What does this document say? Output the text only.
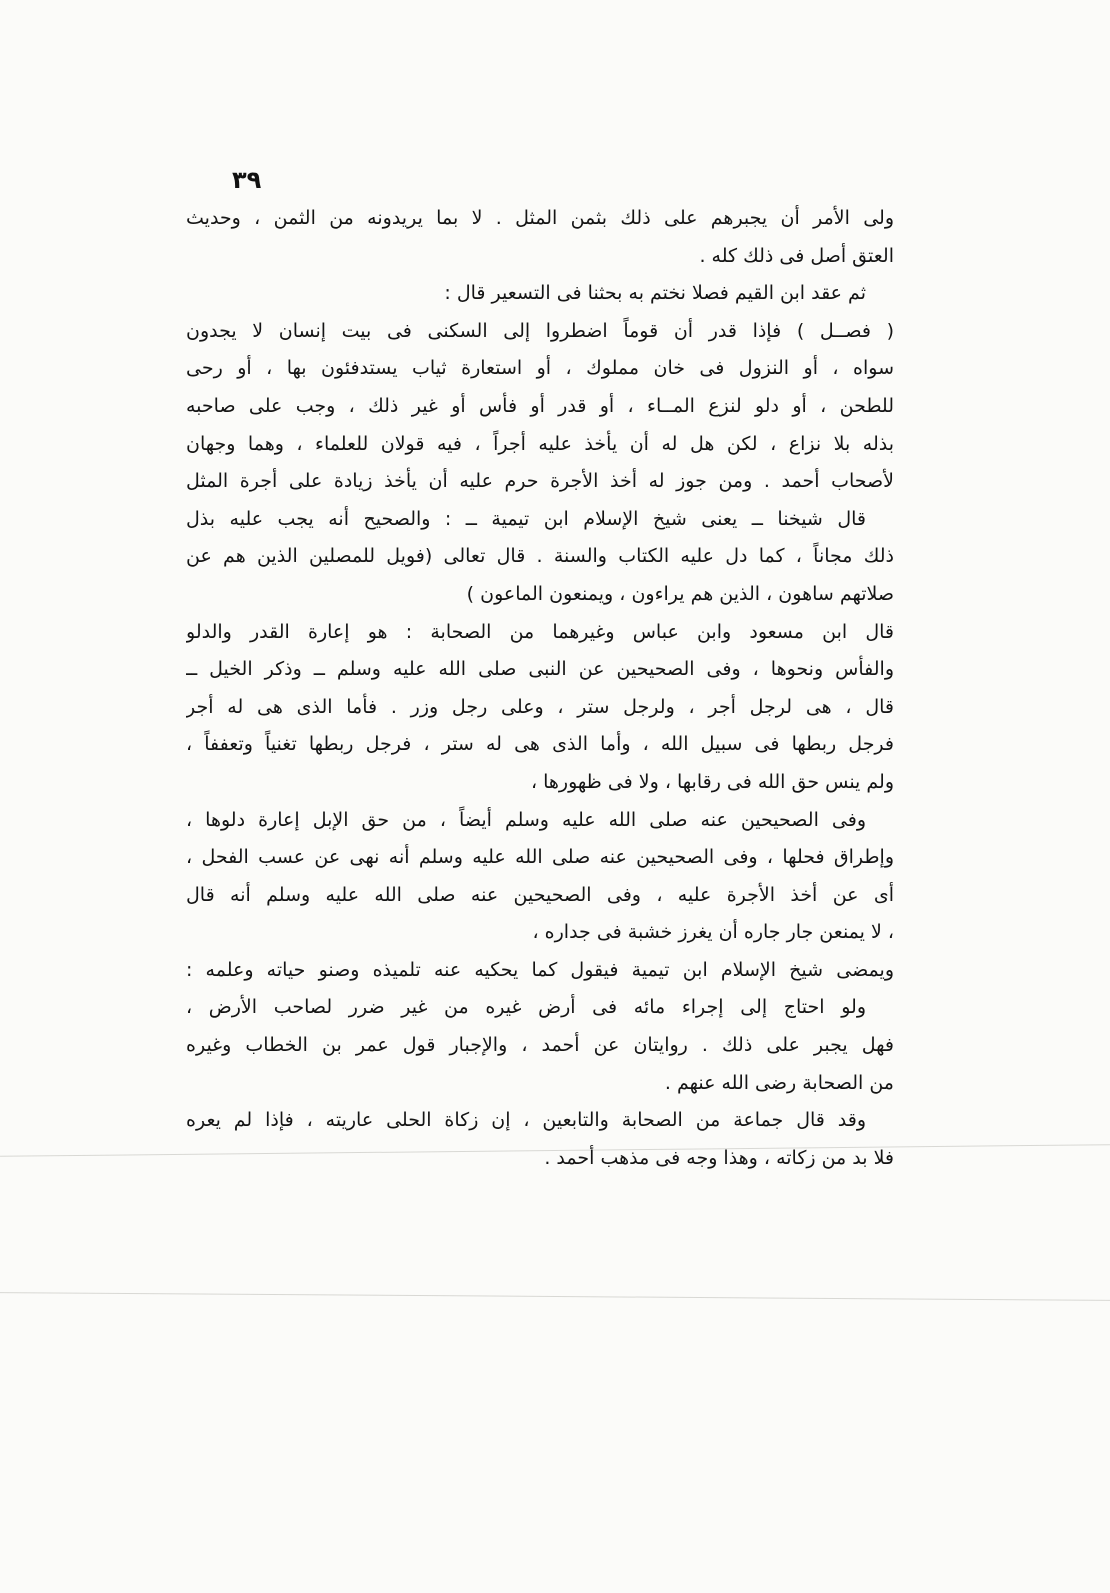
٣٩
ولى الأمر أن يجبرهم على ذلك بثمن المثل . لا بما يريدونه من الثمن ، وحديث
العتق أصل فى ذلك كله .
ثم عقد ابن القيم فصلا نختم به بحثنا فى التسعير قال :
( فصــل ) فإذا قدر أن قوماً اضطروا إلى السكنى فى بيت إنسان لا يجدون
سواه ، أو النزول فى خان مملوك ، أو استعارة ثياب يستدفئون بها ، أو رحى
للطحن ، أو دلو لنزع المــاء ، أو قدر أو فأس أو غير ذلك ، وجب على صاحبه
بذله بلا نزاع ، لكن هل له أن يأخذ عليه أجراً ، فيه قولان للعلماء ، وهما وجهان
لأصحاب أحمد . ومن جوز له أخذ الأجرة حرم عليه أن يأخذ زيادة على أجرة المثل
قال شيخنا ــ يعنى شيخ الإسلام ابن تيمية ــ : والصحيح أنه يجب عليه بذل
ذلك مجاناً ، كما دل عليه الكتاب والسنة . قال تعالى (فويل للمصلين الذين هم عن
صلاتهم ساهون ، الذين هم يراءون ، ويمنعون الماعون )
قال ابن مسعود وابن عباس وغيرهما من الصحابة : هو إعارة القدر والدلو
والفأس ونحوها ، وفى الصحيحين عن النبى صلى الله عليه وسلم ــ وذكر الخيل ــ
قال ، هى لرجل أجر ، ولرجل ستر ، وعلى رجل وزر . فأما الذى هى له أجر
فرجل ربطها فى سبيل الله ، وأما الذى هى له ستر ، فرجل ربطها تغنياً وتعففاً ،
ولم ينس حق الله فى رقابها ، ولا فى ظهورها ،
وفى الصحيحين عنه صلى الله عليه وسلم أيضاً ، من حق الإبل إعارة دلوها ،
وإطراق فحلها ، وفى الصحيحين عنه صلى الله عليه وسلم أنه نهى عن عسب الفحل ،
أى عن أخذ الأجرة عليه ، وفى الصحيحين عنه صلى الله عليه وسلم أنه قال
، لا يمنعن جار جاره أن يغرز خشبة فى جداره ،
ويمضى شيخ الإسلام ابن تيمية فيقول كما يحكيه عنه تلميذه وصنو حياته وعلمه :
ولو احتاج إلى إجراء مائه فى أرض غيره من غير ضرر لصاحب الأرض ،
فهل يجبر على ذلك . روايتان عن أحمد ، والإجبار قول عمر بن الخطاب وغيره
من الصحابة رضى الله عنهم .
وقد قال جماعة من الصحابة والتابعين ، إن زكاة الحلى عاريته ، فإذا لم يعره
فلا بد من زكاته ، وهذا وجه فى مذهب أحمد .
